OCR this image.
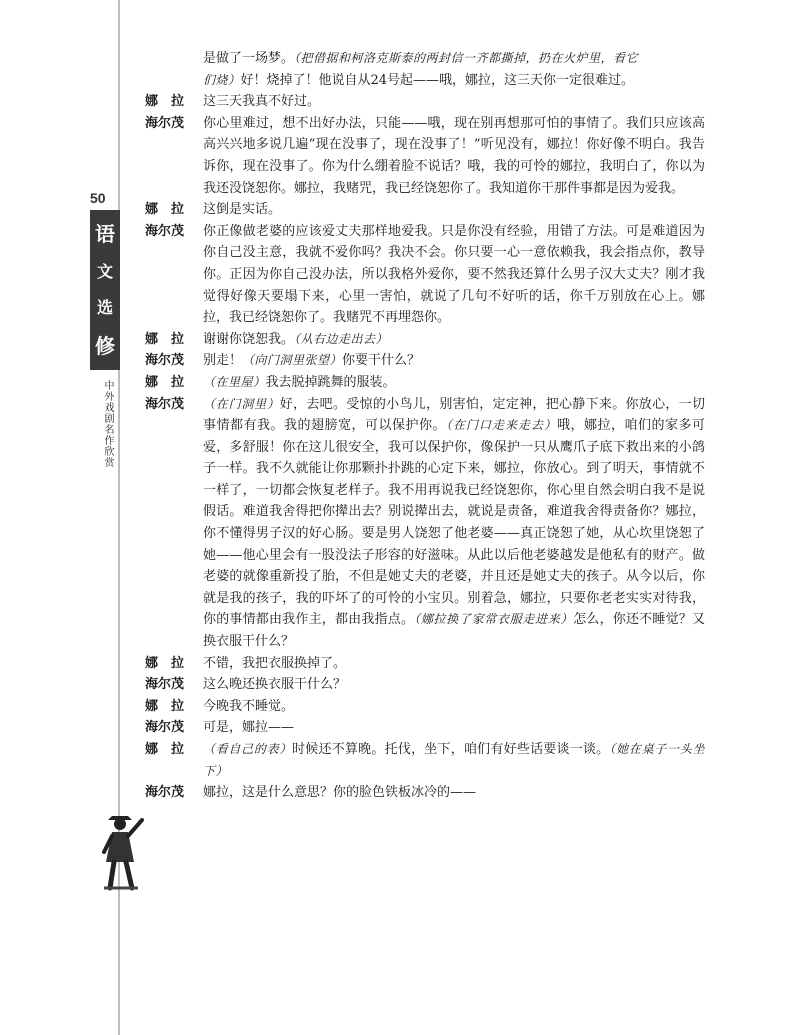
50
语
文
选
修
中外戏剧名作欣赏
是做了一场梦。（把借据和柯洛克斯泰的两封信一齐都撕掉，扔在火炉里，看它
们烧）好！烧掉了！他说自从24号起——哦，娜拉，这三天你一定很难过。
娜　拉	这三天我真不好过。
海尔茂	你心里难过，想不出好办法，只能——哦，现在别再想那可怕的事情了。我们只应该高高兴兴地多说几遍“现在没事了，现在没事了！”听见没有，娜拉！你好像不明白。我告诉你，现在没事了。你为什么绷着脸不说话？哦，我的可怜的娜拉，我明白了，你以为我还没饶恕你。娜拉，我赌咒，我已经饶恕你了。我知道你干那件事都是因为爱我。
娜　拉	这倒是实话。
海尔茂	你正像做老婆的应该爱丈夫那样地爱我。只是你没有经验，用错了方法。可是难道因为你自己没主意，我就不爱你吗？我决不会。你只要一心一意依赖我，我会指点你，教导你。正因为你自己没办法，所以我格外爱你，要不然我还算什么男子汉大丈夫？刚才我觉得好像天要塌下来，心里一害怕，就说了几句不好听的话，你千万别放在心上。娜拉，我已经饶恕你了。我赌咒不再埋怨你。
娜　拉	谢谢你饶恕我。（从右边走出去）
海尔茂	别走！（向门洞里张望）你要干什么？
娜　拉	（在里屋）我去脱掉跳舞的服装。
海尔茂	（在门洞里）好，去吧。受惊的小鸟儿，别害怕，定定神，把心静下来。你放心，一切事情都有我。我的翅膀宽，可以保护你。（在门口走来走去）哦，娜拉，咱们的家多可爱，多舒服！你在这儿很安全，我可以保护你，像保护一只从鹰爪子底下救出来的小鸽子一样。我不久就能让你那颗扑扑跳的心定下来，娜拉，你放心。到了明天，事情就不一样了，一切都会恢复老样子。我不用再说我已经饶恕你，你心里自然会明白我不是说假话。难道我舍得把你撵出去？别说撵出去，就说是责备，难道我舍得责备你？娜拉，你不懂得男子汉的好心肠。要是男人饶恕了他老婆——真正饶恕了她，从心坎里饶恕了她——他心里会有一股没法子形容的好滋味。从此以后他老婆越发是他私有的财产。做老婆的就像重新投了胎，不但是她丈夫的老婆，并且还是她丈夫的孩子。从今以后，你就是我的孩子，我的吓坏了的可怜的小宝贝。别着急，娜拉，只要你老老实实对待我，你的事情都由我作主，都由我指点。（娜拉换了家常衣服走进来）怎么，你还不睡觉？又换衣服干什么？
娜　拉	不错，我把衣服换掉了。
海尔茂	这么晚还换衣服干什么？
娜　拉	今晚我不睡觉。
海尔茂	可是，娜拉——
娜　拉	（看自己的表）时候还不算晚。托伐，坐下，咱们有好些话要谈一谈。（她在桌子一头坐下）
海尔茂	娜拉，这是什么意思？你的脸色铁板冰冷的——
